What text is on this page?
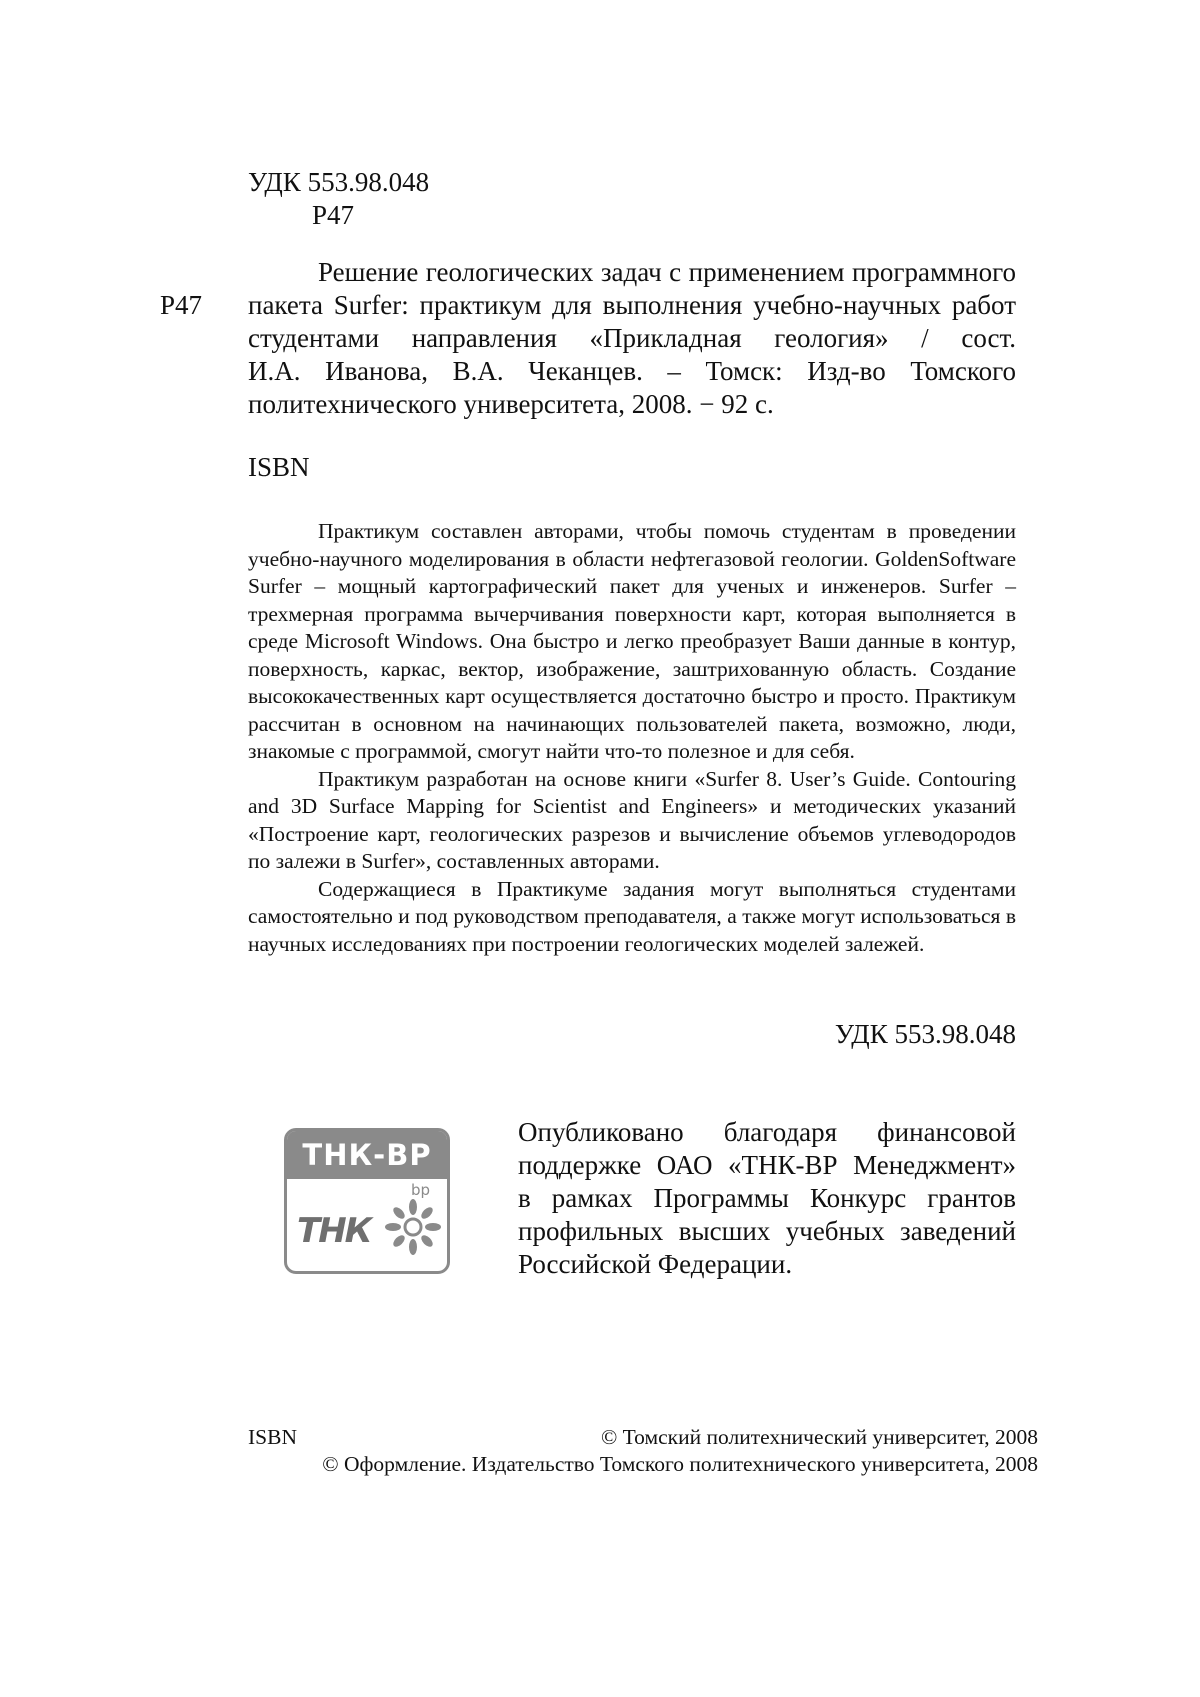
УДК 553.98.048
Р47
Р47
Решение геологических задач с применением программного
пакета Surfer: практикум для выполнения учебно-научных работ
студентами направления «Прикладная геология» / сост.
И.А. Иванова, В.А. Чеканцев. – Томск: Изд-во Томского
политехнического университета, 2008. − 92 с.
ISBN

Практикум составлен авторами, чтобы помочь студентам в проведении учебно-научного моделирования в области нефтегазовой геологии. GoldenSoftware Surfer – мощный картографический пакет для ученых и инженеров. Surfer – трехмерная программа вычерчивания поверхности карт, которая выполняется в среде Microsoft Windows. Она быстро и легко преобразует Ваши данные в контур, поверхность, каркас, вектор, изображение, заштрихованную область. Создание высококачественных карт осуществляется достаточно быстро и просто. Практикум рассчитан в основном на начинающих пользователей пакета, возможно, люди, знакомые с программой, смогут найти что-то полезное и для себя.

Практикум разработан на основе книги «Surfer 8. User’s Guide. Contouring and 3D Surface Mapping for Scientist and Engineers» и методических указаний «Построение карт, геологических разрезов и вычисление объемов углеводородов по залежи в Surfer», составленных авторами.

Содержащиеся в Практикуме задания могут выполняться студентами самостоятельно и под руководством преподавателя, а также могут использоваться в научных исследованиях при построении геологических моделей залежей.

УДК 553.98.048
ТНК-ВР
ТНК
bp
Опубликовано благодаря финансовой
поддержке ОАО «ТНК-ВР Менеджмент»
в рамках Программы Конкурс грантов
профильных высших учебных заведений
Российской Федерации.
ISBN	© Томский политехнический университет, 2008
© Оформление. Издательство Томского политехнического университета, 2008
